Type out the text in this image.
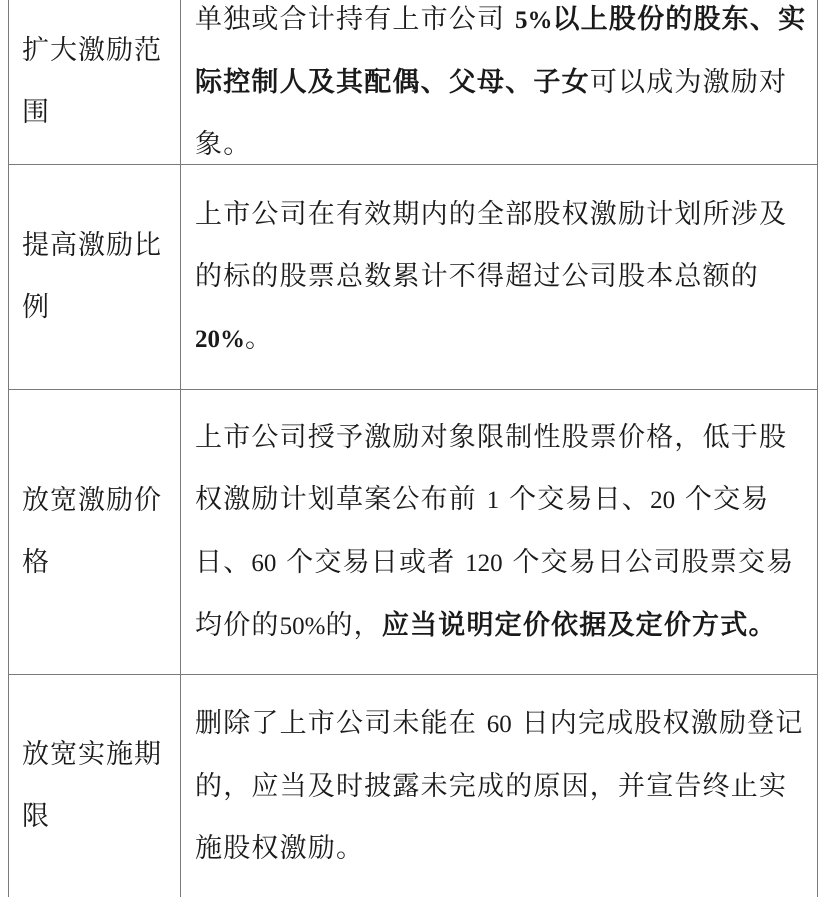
扩大激励范围

单独或合计持有上市公司 5%以上股份的股东、实际控制人及其配偶、父母、子女可以成为激励对象。

提高激励比例

上市公司在有效期内的全部股权激励计划所涉及的标的股票总数累计不得超过公司股本总额的20%。

放宽激励价格

上市公司授予激励对象限制性股票价格，低于股权激励计划草案公布前 1 个交易日、20 个交易日、60 个交易日或者 120 个交易日公司股票交易均价的50%的，应当说明定价依据及定价方式。

放宽实施期限

删除了上市公司未能在 60 日内完成股权激励登记的，应当及时披露未完成的原因，并宣告终止实施股权激励。
